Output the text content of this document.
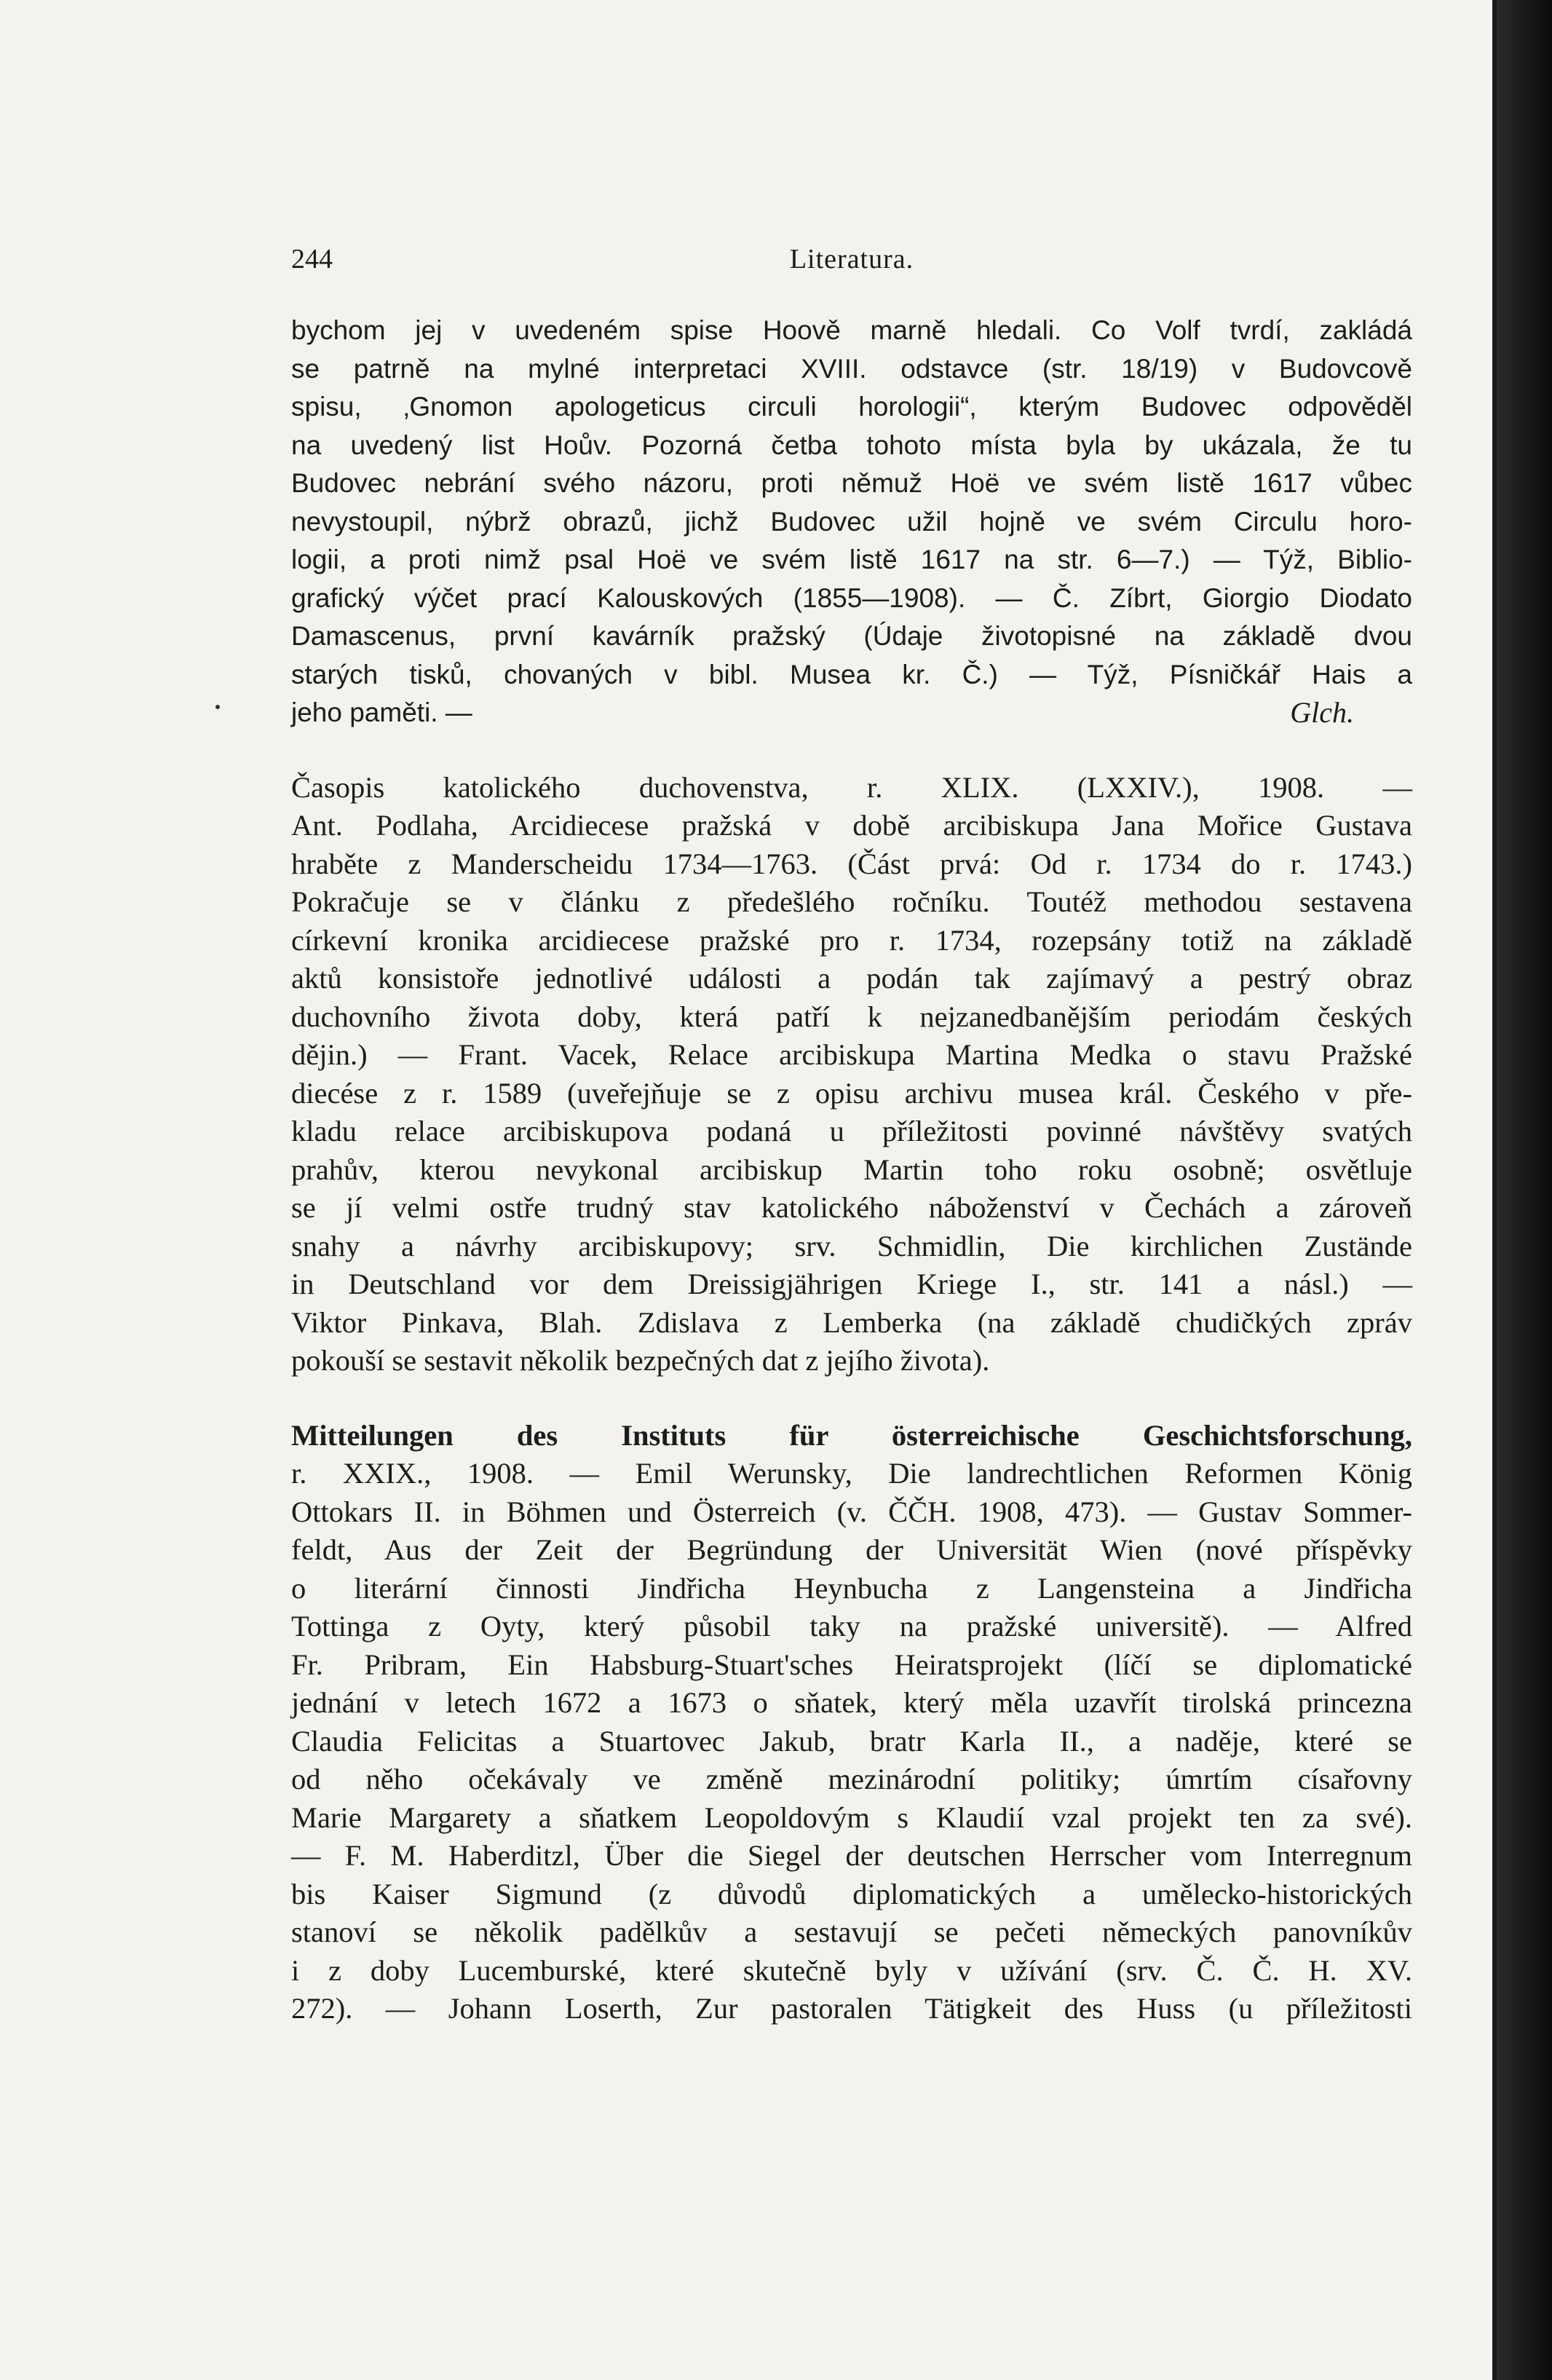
244	Literatura.
bychom jej v uvedeném spise Hoově marně hledali. Co Volf tvrdí, zakládá
se patrně na mylné interpretaci XVIII. odstavce (str. 18/19) v Budovcově
spisu, ‚Gnomon apologeticus circuli horologii“, kterým Budovec odpověděl
na uvedený list Hoův. Pozorná četba tohoto místa byla by ukázala, že tu
Budovec nebrání svého názoru, proti němuž Hoë ve svém listě 1617 vůbec
nevystoupil, nýbrž obrazů, jichž Budovec užil hojně ve svém Circulu horo-
logii, a proti nimž psal Hoë ve svém listě 1617 na str. 6—7.) — Týž, Biblio-
grafický výčet prací Kalouskových (1855—1908). — Č. Zíbrt, Giorgio Diodato
Damascenus, první kavárník pražský (Údaje životopisné na základě dvou
starých tisků, chovaných v bibl. Musea kr. Č.) — Týž, Písničkář Hais a
jeho paměti. —	Glch.
Časopis katolického duchovenstva, r. XLIX. (LXXIV.), 1908. —
Ant. Podlaha, Arcidiecese pražská v době arcibiskupa Jana Mořice Gustava
hraběte z Manderscheidu 1734—1763. (Část prvá: Od r. 1734 do r. 1743.)
Pokračuje se v článku z předešlého ročníku. Toutéž methodou sestavena
církevní kronika arcidiecese pražské pro r. 1734, rozepsány totiž na základě
aktů konsistoře jednotlivé události a podán tak zajímavý a pestrý obraz
duchovního života doby, která patří k nejzanedbanějším periodám českých
dějin.) — Frant. Vacek, Relace arcibiskupa Martina Medka o stavu Pražské
diecése z r. 1589 (uveřejňuje se z opisu archivu musea král. Českého v pře-
kladu relace arcibiskupova podaná u příležitosti povinné návštěvy svatých
prahův, kterou nevykonal arcibiskup Martin toho roku osobně; osvětluje
se jí velmi ostře trudný stav katolického náboženství v Čechách a zároveň
snahy a návrhy arcibiskupovy; srv. Schmidlin, Die kirchlichen Zustände
in Deutschland vor dem Dreissigjährigen Kriege I., str. 141 a násl.) —
Viktor Pinkava, Blah. Zdislava z Lemberka (na základě chudičkých zpráv
pokouší se sestavit několik bezpečných dat z jejího života).
Mitteilungen des Instituts für österreichische Geschichtsforschung,
r. XXIX., 1908. — Emil Werunsky, Die landrechtlichen Reformen König
Ottokars II. in Böhmen und Österreich (v. ČČH. 1908, 473). — Gustav Sommer-
feldt, Aus der Zeit der Begründung der Universität Wien (nové příspěvky
o literární činnosti Jindřicha Heynbucha z Langensteina a Jindřicha
Tottinga z Oyty, který působil taky na pražské universitě). — Alfred
Fr. Pribram, Ein Habsburg-Stuart'sches Heiratsprojekt (líčí se diplomatické
jednání v letech 1672 a 1673 o sňatek, který měla uzavřít tirolská princezna
Claudia Felicitas a Stuartovec Jakub, bratr Karla II., a naděje, které se
od něho očekávaly ve změně mezinárodní politiky; úmrtím císařovny
Marie Margarety a sňatkem Leopoldovým s Klaudií vzal projekt ten za své).
— F. M. Haberditzl, Über die Siegel der deutschen Herrscher vom Interregnum
bis Kaiser Sigmund (z důvodů diplomatických a umělecko-historických
stanoví se několik padělkův a sestavují se pečeti německých panovníkův
i z doby Lucemburské, které skutečně byly v užívání (srv. Č. Č. H. XV.
272). — Johann Loserth, Zur pastoralen Tätigkeit des Huss (u příležitosti
